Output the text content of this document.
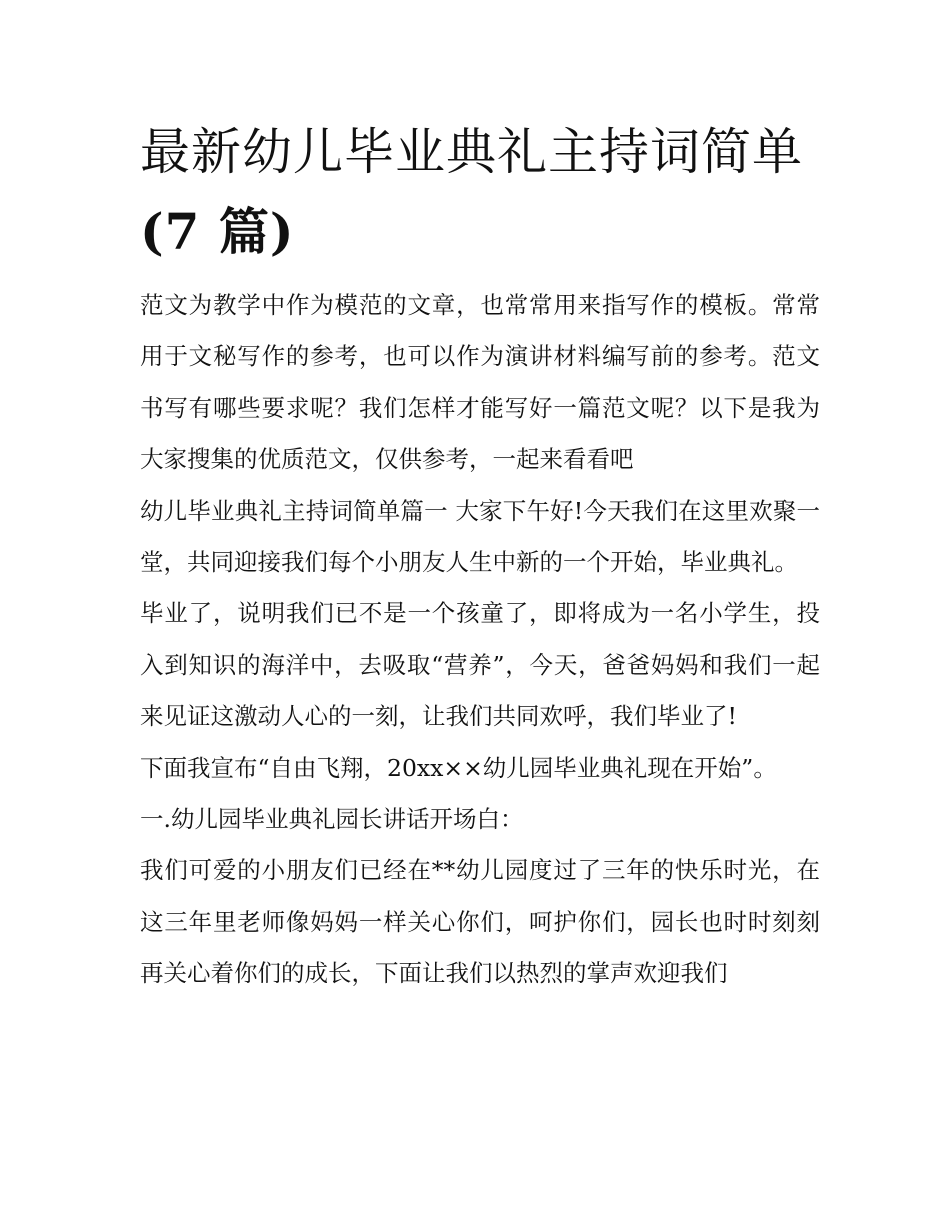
最新幼儿毕业典礼主持词简单
(7 篇)

范文为教学中作为模范的文章，也常常用来指写作的模板。常常用于文秘写作的参考，也可以作为演讲材料编写前的参考。范文书写有哪些要求呢？我们怎样才能写好一篇范文呢？以下是我为大家搜集的优质范文，仅供参考，一起来看看吧

幼儿毕业典礼主持词简单篇一 大家下午好!今天我们在这里欢聚一堂，共同迎接我们每个小朋友人生中新的一个开始，毕业典礼。

毕业了，说明我们已不是一个孩童了，即将成为一名小学生，投入到知识的海洋中，去吸取“营养”，今天，爸爸妈妈和我们一起来见证这激动人心的一刻，让我们共同欢呼，我们毕业了!

下面我宣布“自由飞翔，20xx××幼儿园毕业典礼现在开始”。

一.幼儿园毕业典礼园长讲话开场白：

我们可爱的小朋友们已经在**幼儿园度过了三年的快乐时光，在这三年里老师像妈妈一样关心你们，呵护你们，园长也时时刻刻再关心着你们的成长，下面让我们以热烈的掌声欢迎我们
